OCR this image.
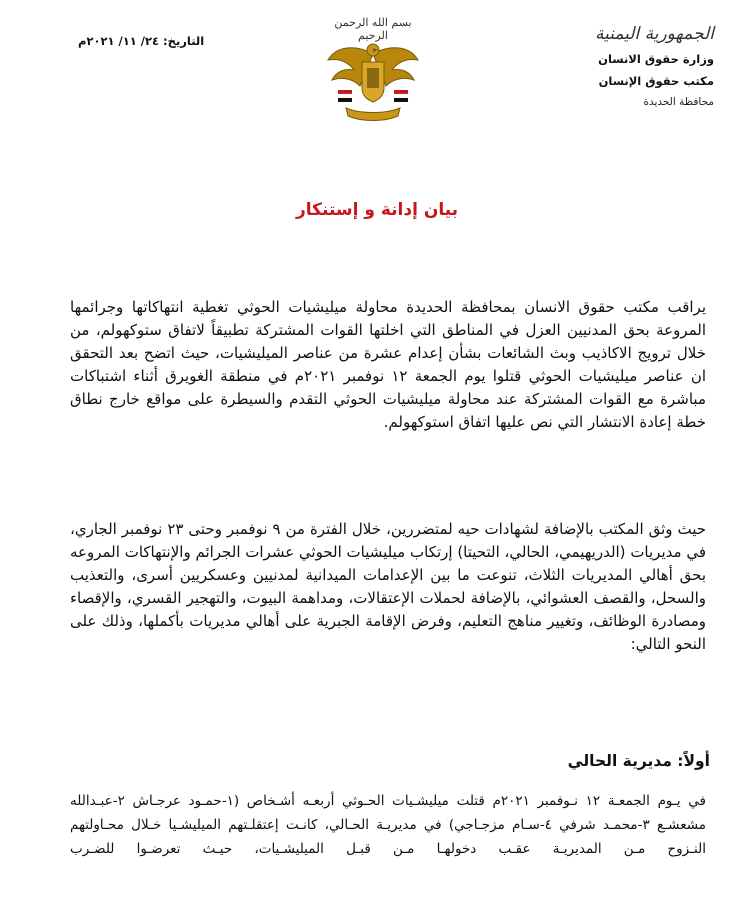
الجمهورية اليمنية
وزارة حقوق الانسان
مكتب حقوق الإنسان
محافظة الحديدة
بسم الله الرحمن الرحيم
التاريخ: ٢٤/ ١١/ ٢٠٢١م
بيان إدانة و إستنكار
يراقب مكتب حقوق الانسان بمحافظة الحديدة محاولة ميليشيات الحوثي تغطية انتهاكاتها وجرائمها المروعة بحق المدنيين العزل في المناطق التي اخلتها القوات المشتركة تطبيقاً لاتفاق ستوكهولم، من خلال ترويج الاكاذيب وبث الشائعات بشأن إعدام عشرة من عناصر الميليشيات، حيث اتضح بعد التحقق ان عناصر ميليشيات الحوثي قتلوا يوم الجمعة ١٢ نوفمبر ٢٠٢١م في منطقة الغويرق أثناء اشتباكات مباشرة مع القوات المشتركة عند محاولة ميليشيات الحوثي التقدم والسيطرة على مواقع خارج نطاق خطة إعادة الانتشار التي نص عليها اتفاق استوكهولم.
حيث وثق المكتب بالإضافة لشهادات حيه لمتضررين، خلال الفترة من ٩ نوفمبر وحتى ٢٣ نوفمبر الجاري، في مديريات (الدريهيمي، الحالي، التحيتا) إرتكاب ميليشيات الحوثي عشرات الجرائم والإنتهاكات المروعه بحق أهالي المديريات الثلاث، تنوعت ما بين الإعدامات الميدانية لمدنيين وعسكريين أسرى، والتعذيب والسحل، والقصف العشوائي، بالإضافة لحملات الإعتقالات، ومداهمة البيوت، والتهجير القسري، والإقصاء ومصادرة الوظائف، وتغيير مناهج التعليم، وفرض الإقامة الجبرية على أهالي مديريات بأكملها، وذلك على النحو التالي:
أولاً: مديرية الحالي
في يـوم الجمعـة ١٢ نـوفمبر ٢٠٢١م قتلت ميليشـيات الحـوثي أربعـه أشـخاص (١-حمـود عرجـاش ٢-عبـدالله مشعشـع ٣-محمـد شرفي ٤-سـام مزجـاجي) في مديريـة الحـالي، كانـت إعتقلـتهم الميليشـيا خـلال محـاولتهم النـزوح مـن المديريـة عقـب دخولهـا مـن قبـل الميليشـيات، حيـث تعرضـوا للضـرب
